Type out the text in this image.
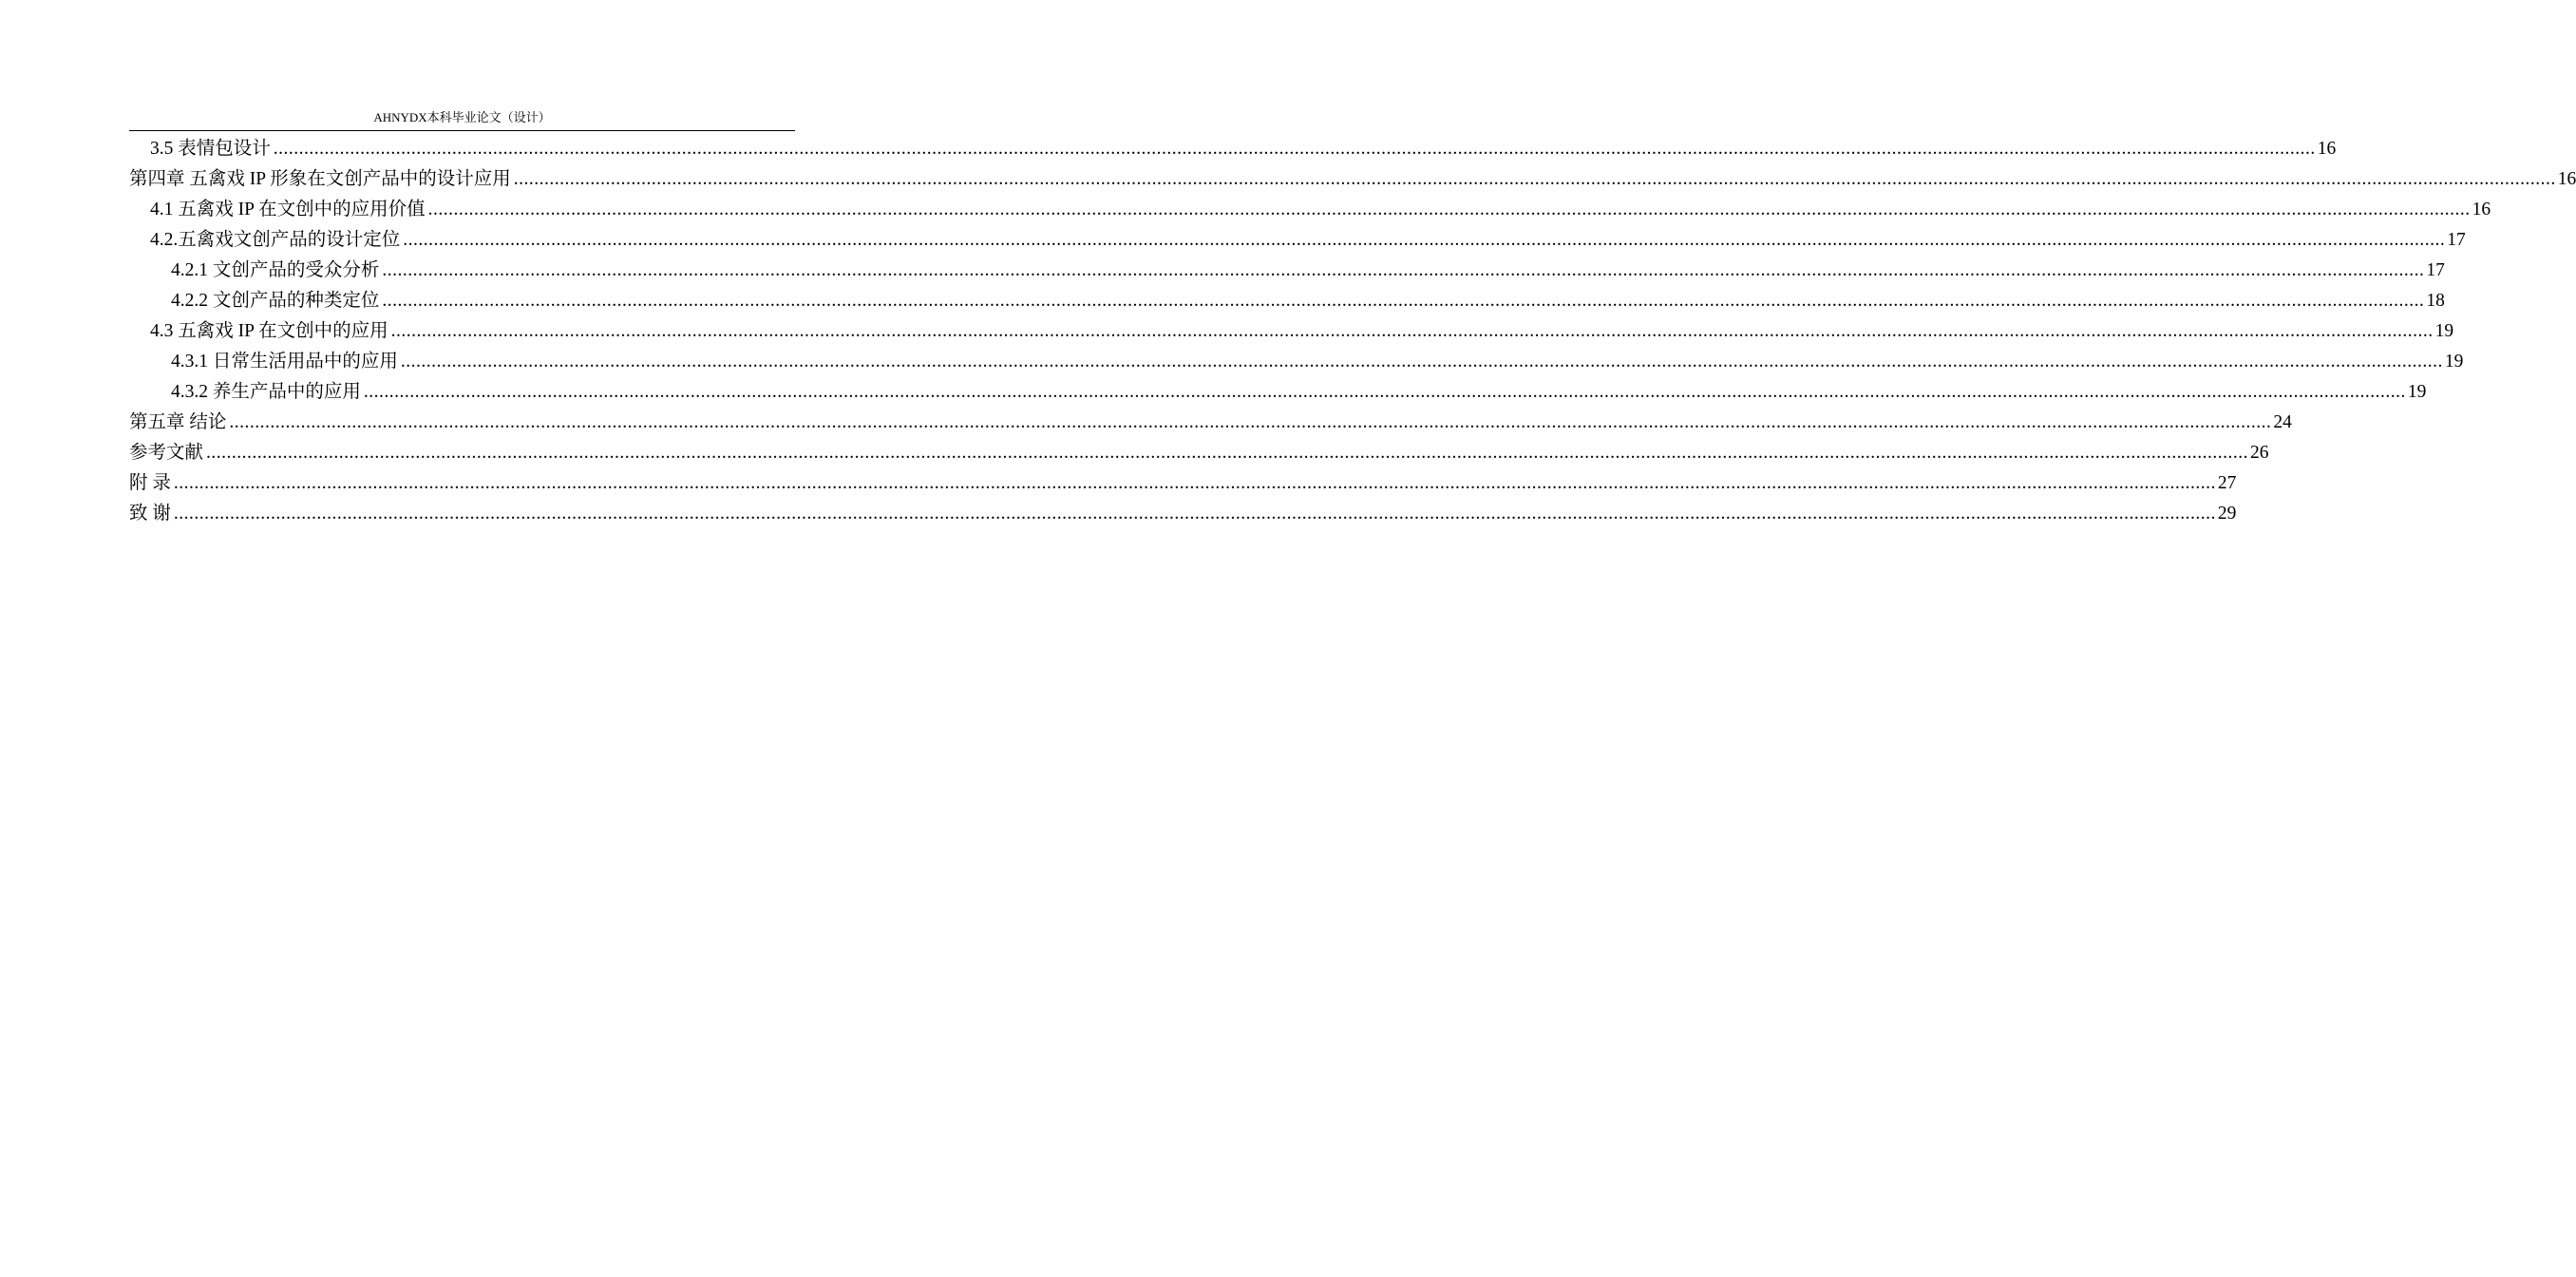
AHNYDX本科毕业论文（设计）
3.5 表情包设计 ................................................................................................................................................................................................................................................................................................................................................................................................................ 16
第四章 五禽戏 IP 形象在文创产品中的设计应用 ................................................................................................................................................................................................................................................................................................................................................................................................................ 16
4.1 五禽戏 IP 在文创中的应用价值 ................................................................................................................................................................................................................................................................................................................................................................................................................ 16
4.2.五禽戏文创产品的设计定位 ................................................................................................................................................................................................................................................................................................................................................................................................................ 17
4.2.1 文创产品的受众分析 ................................................................................................................................................................................................................................................................................................................................................................................................................ 17
4.2.2 文创产品的种类定位 ................................................................................................................................................................................................................................................................................................................................................................................................................ 18
4.3 五禽戏 IP 在文创中的应用 ................................................................................................................................................................................................................................................................................................................................................................................................................ 19
4.3.1 日常生活用品中的应用 ................................................................................................................................................................................................................................................................................................................................................................................................................ 19
4.3.2 养生产品中的应用 ................................................................................................................................................................................................................................................................................................................................................................................................................ 19
第五章 结论 ................................................................................................................................................................................................................................................................................................................................................................................................................ 24
参考文献 ................................................................................................................................................................................................................................................................................................................................................................................................................ 26
附 录 ................................................................................................................................................................................................................................................................................................................................................................................................................ 27
致 谢 ................................................................................................................................................................................................................................................................................................................................................................................................................ 29
